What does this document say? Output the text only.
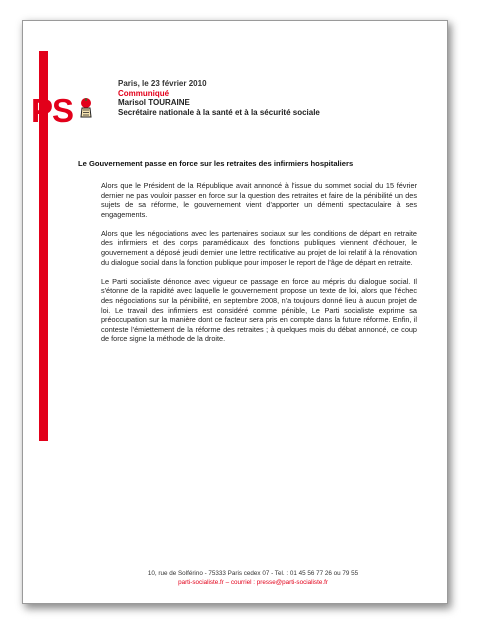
PS
Paris, le 23 février 2010
Communiqué
Marisol TOURAINE
Secrétaire nationale à la santé et à la sécurité sociale
Le Gouvernement passe en force sur les retraites des infirmiers hospitaliers

Alors que le Président de la République avait annoncé à l'issue du sommet social du 15 février dernier ne pas vouloir passer en force sur la question des retraites et faire de la pénibilité un des sujets de sa réforme, le gouvernement vient d'apporter un démenti spectaculaire à ses engagements.

Alors que les négociations avec les partenaires sociaux sur les conditions de départ en retraite des infirmiers et des corps paramédicaux des fonctions publiques viennent d'échouer, le gouvernement a déposé jeudi dernier une lettre rectificative au projet de loi relatif à la rénovation du dialogue social dans la fonction publique pour imposer le report de l'âge de départ en retraite.

Le Parti socialiste dénonce avec vigueur ce passage en force au mépris du dialogue social. Il s'étonne de la rapidité avec laquelle le gouvernement propose un texte de loi, alors que l'échec des négociations sur la pénibilité, en septembre 2008, n'a toujours donné lieu à aucun projet de loi. Le travail des infirmiers est considéré comme pénible, Le Parti socialiste exprime sa préoccupation sur la manière dont ce facteur sera pris en compte dans la future réforme. Enfin, il conteste l'émiettement de la réforme des retraites ; à quelques mois du débat annoncé, ce coup de force signe la méthode de la droite.

10, rue de Solférino - 75333 Paris cedex 07 - Tel. : 01 45 56 77 26 ou 79 55
parti-socialiste.fr – courriel : presse@parti-socialiste.fr
